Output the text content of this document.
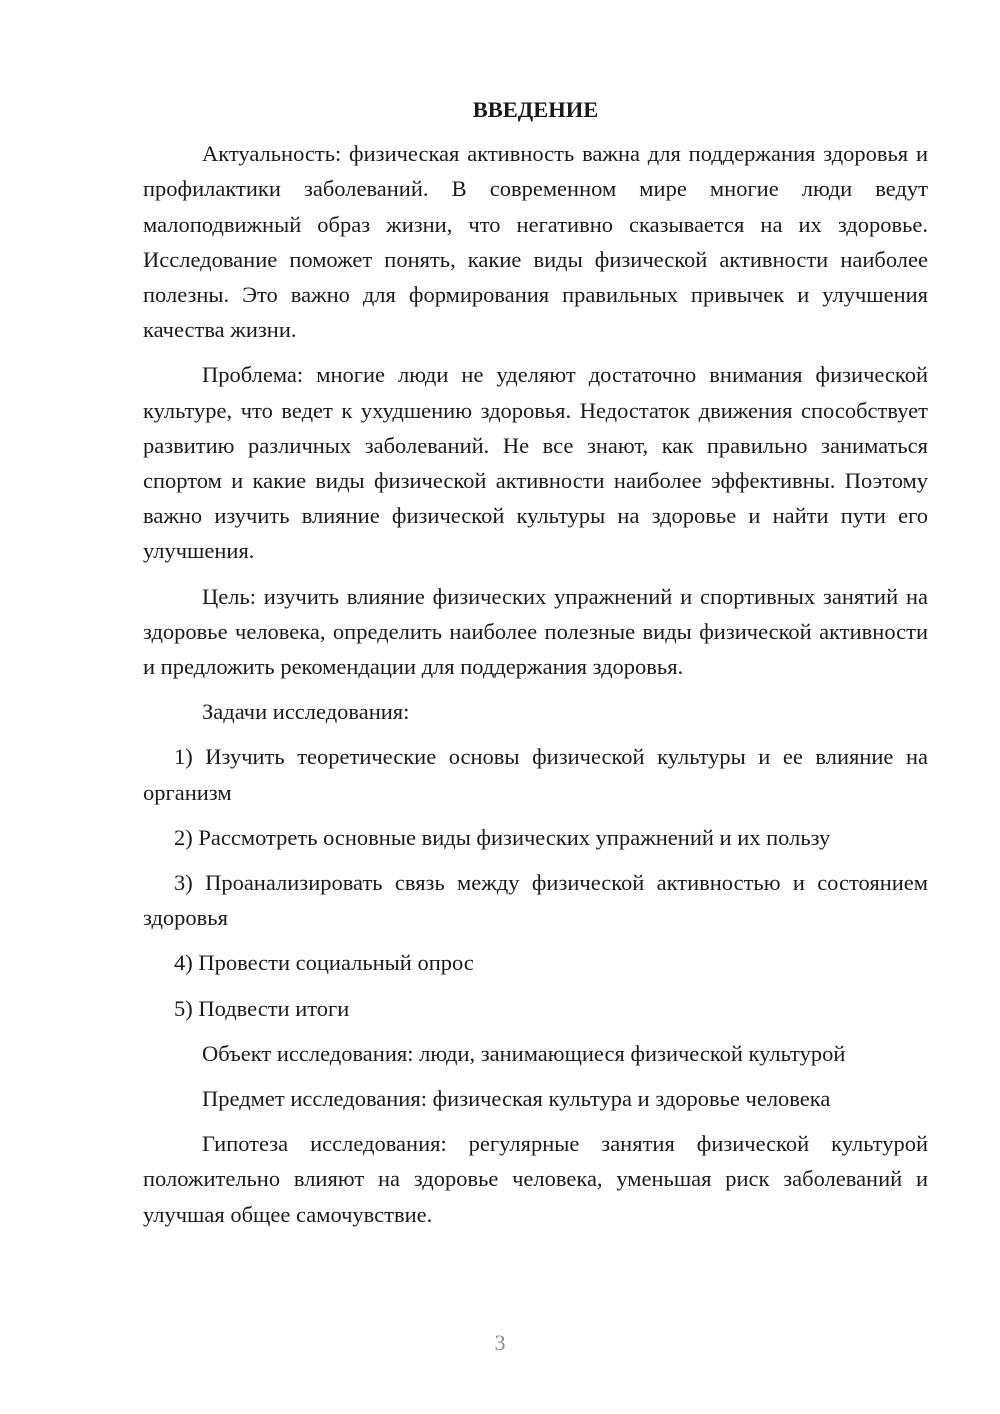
ВВЕДЕНИЕ

Актуальность: физическая активность важна для поддержания здоровья и профилактики заболеваний. В современном мире многие люди ведут малоподвижный образ жизни, что негативно сказывается на их здоровье. Исследование поможет понять, какие виды физической активности наиболее полезны. Это важно для формирования правильных привычек и улучшения качества жизни.

Проблема: многие люди не уделяют достаточно внимания физической культуре, что ведет к ухудшению здоровья. Недостаток движения способствует развитию различных заболеваний. Не все знают, как правильно заниматься спортом и какие виды физической активности наиболее эффективны. Поэтому важно изучить влияние физической культуры на здоровье и найти пути его улучшения.

Цель: изучить влияние физических упражнений и спортивных занятий на здоровье человека, определить наиболее полезные виды физической активности и предложить рекомендации для поддержания здоровья.

Задачи исследования:

1) Изучить теоретические основы физической культуры и ее влияние на организм

2) Рассмотреть основные виды физических упражнений и их пользу

3) Проанализировать связь между физической активностью и состоянием здоровья

4) Провести социальный опрос

5) Подвести итоги

Объект исследования: люди, занимающиеся физической культурой

Предмет исследования: физическая культура и здоровье человека

Гипотеза исследования: регулярные занятия физической культурой положительно влияют на здоровье человека, уменьшая риск заболеваний и улучшая общее самочувствие.

3
